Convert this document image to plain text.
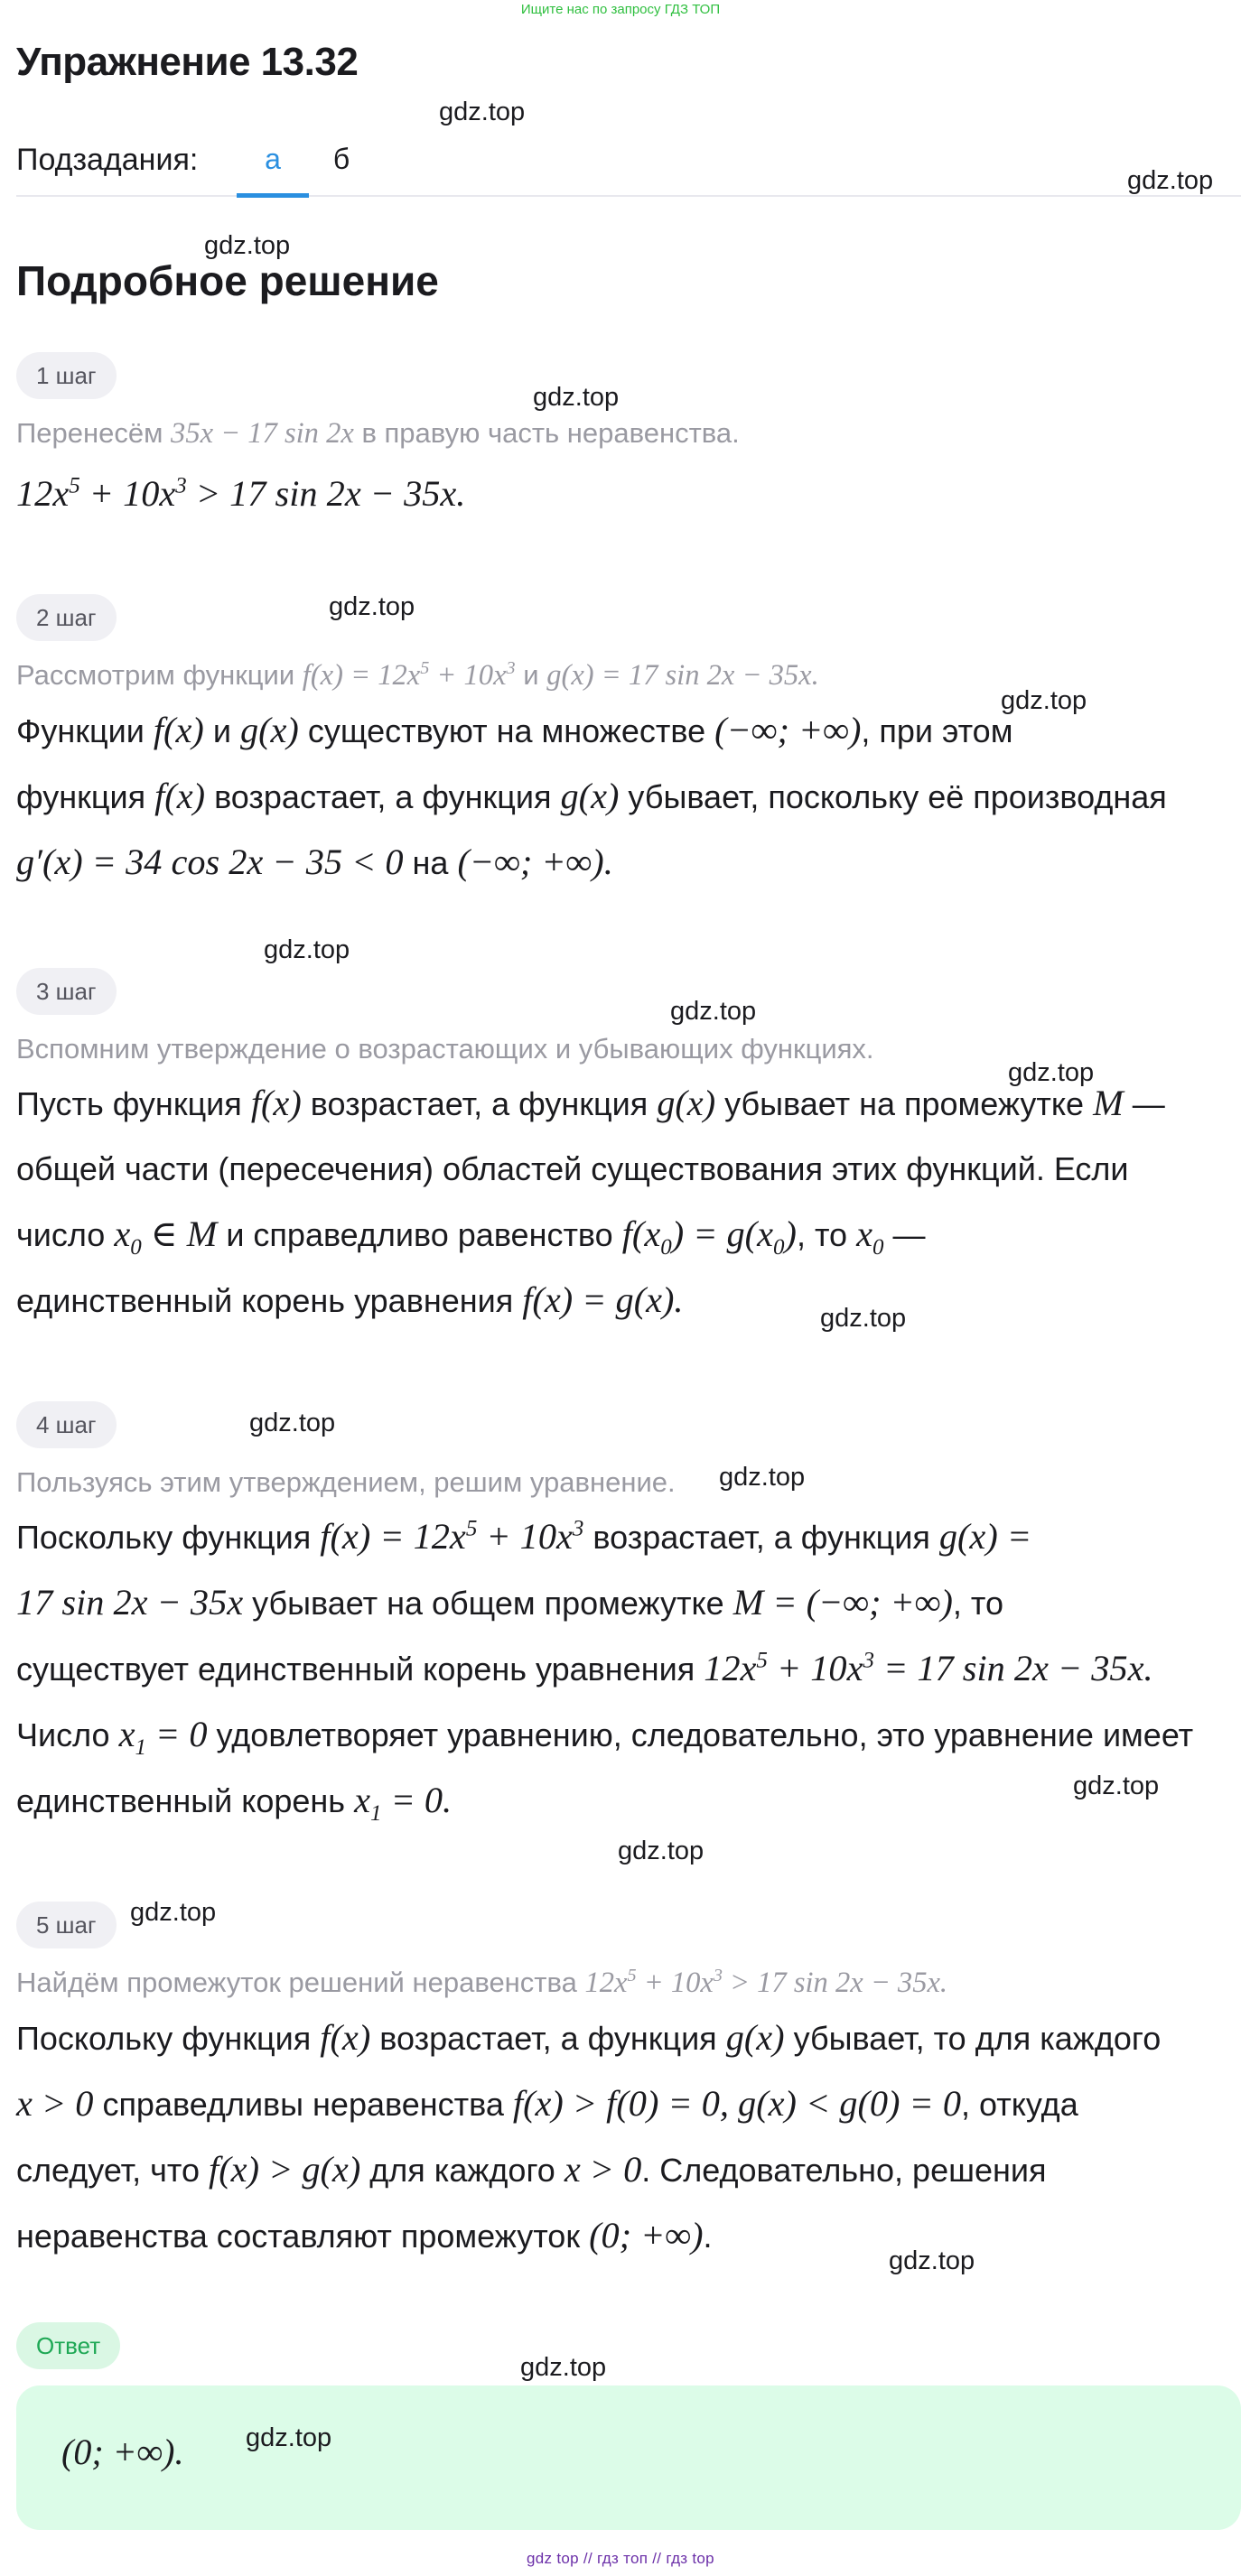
Ищите нас по запросу ГДЗ ТОП
Упражнение 13.32
Подзадания:	а	б
Подробное решение
1 шаг
Перенесём 35x − 17 sin 2x в правую часть неравенства.
$12x^5 + 10x^3 > 17$ sin 2x − 35x.
2 шаг
Рассмотрим функции $f(x) = 12x^5 + 10x^3$ и g(x) = 17 sin 2x − 35x.
Функции f(x) и g(x) существуют на множестве (−∞; +∞), при этом
функция f(x) возрастает, а функция g(x) убывает, поскольку её производная
g′(x) = 34 cos 2x − 35 < 0 на (−∞; +∞).
3 шаг
Вспомним утверждение о возрастающих и убывающих функциях.
Пусть функция f(x) возрастает, а функция g(x) убывает на промежутке M —
общей части (пересечения) областей существования этих функций. Если
число $x_0$ ∈ M и справедливо равенство $f(x_0) = g(x_0)$, то $x_0$ —
единственный корень уравнения f(x) = g(x).
4 шаг
Пользуясь этим утверждением, решим уравнение.
Поскольку функция $f(x) = 12x^5 + 10x^3$ возрастает, а функция g(x) =
17 sin 2x − 35x убывает на общем промежутке M = (−∞; +∞), то
существует единственный корень уравнения $12x^5 + 10x^3 = 17$ sin 2x − 35x.
Число $x_1 = 0$ удовлетворяет уравнению, следовательно, это уравнение имеет
единственный корень $x_1 = 0$.
5 шаг
Найдём промежуток решений неравенства $12x^5 + 10x^3 > 17$ sin 2x − 35x.
Поскольку функция f(x) возрастает, а функция g(x) убывает, то для каждого
x > 0 справедливы неравенства f(x) > f(0) = 0, g(x) < g(0) = 0, откуда
следует, что f(x) > g(x) для каждого x > 0. Следовательно, решения
неравенства составляют промежуток (0; +∞).
Ответ
(0; +∞).
gdz.top
gdz.top
gdz.top
gdz.top
gdz.top
gdz.top
gdz.top
gdz.top
gdz.top
gdz.top
gdz.top
gdz.top
gdz.top
gdz.top
gdz.top
gdz.top
gdz.top
gdz.top
gdz top // гдз топ // гдз top
